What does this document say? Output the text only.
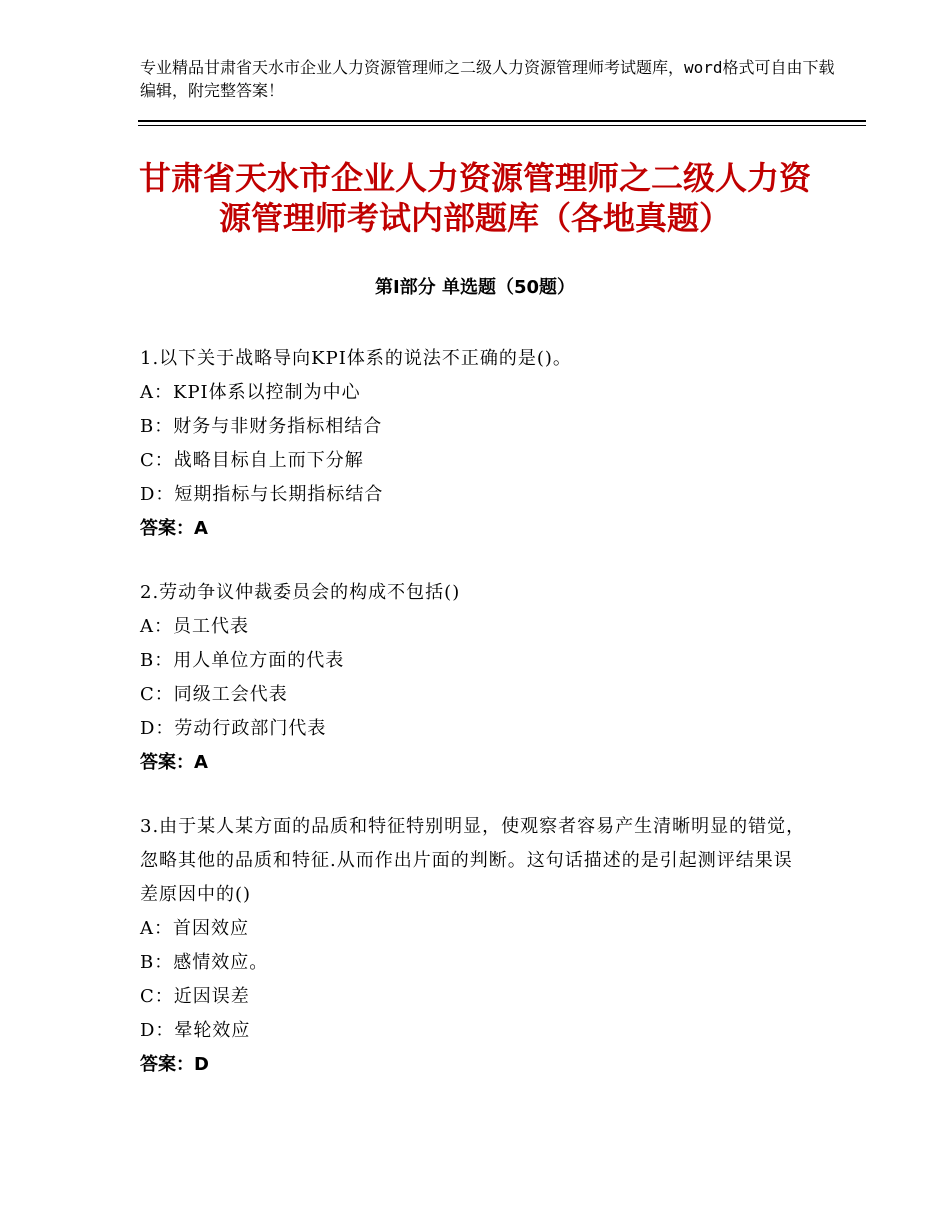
专业精品甘肃省天水市企业人力资源管理师之二级人力资源管理师考试题库，word格式可自由下载编辑，附完整答案！
甘肃省天水市企业人力资源管理师之二级人力资源管理师考试内部题库（各地真题）
第Ⅰ部分 单选题（50题）
1.以下关于战略导向KPI体系的说法不正确的是()。
A：KPI体系以控制为中心
B：财务与非财务指标相结合
C：战略目标自上而下分解
D：短期指标与长期指标结合
答案：A
2.劳动争议仲裁委员会的构成不包括()
A：员工代表
B：用人单位方面的代表
C：同级工会代表
D：劳动行政部门代表
答案：A
3.由于某人某方面的品质和特征特别明显，使观察者容易产生清晰明显的错觉，忽略其他的品质和特征.从而作出片面的判断。这句话描述的是引起测评结果误差原因中的()
A：首因效应
B：感情效应。
C：近因误差
D：晕轮效应
答案：D
